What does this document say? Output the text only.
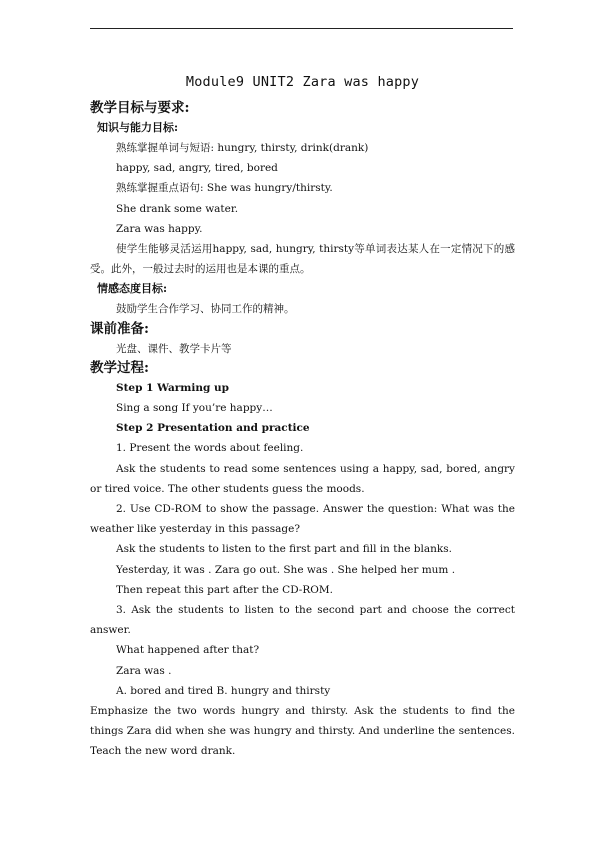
Module9 UNIT2 Zara was happy
教学目标与要求:
知识与能力目标:
熟练掌握单词与短语: hungry, thirsty, drink(drank)
happy, sad, angry, tired, bored
熟练掌握重点语句: She was hungry/thirsty.
She drank some water.
Zara was happy.
使学生能够灵活运用happy, sad, hungry, thirsty等单词表达某人在一定情况下的感受。此外，一般过去时的运用也是本课的重点。
情感态度目标:
鼓励学生合作学习、协同工作的精神。
课前准备:
光盘、课件、教学卡片等
教学过程:
Step 1 Warming up
Sing a song If you’re happy…
Step 2 Presentation and practice
1. Present the words about feeling.
Ask the students to read some sentences using a happy, sad, bored, angry or tired voice. The other students guess the moods.
2. Use CD-ROM to show the passage. Answer the question: What was the weather like yesterday in this passage?
Ask the students to listen to the first part and fill in the blanks.
Yesterday, it was . Zara go out. She was . She helped her mum .
Then repeat this part after the CD-ROM.
3. Ask the students to listen to the second part and choose the correct answer.
What happened after that?
Zara was .
A. bored and tired B. hungry and thirsty
Emphasize the two words hungry and thirsty. Ask the students to find the things Zara did when she was hungry and thirsty. And underline the sentences. Teach the new word drank.
